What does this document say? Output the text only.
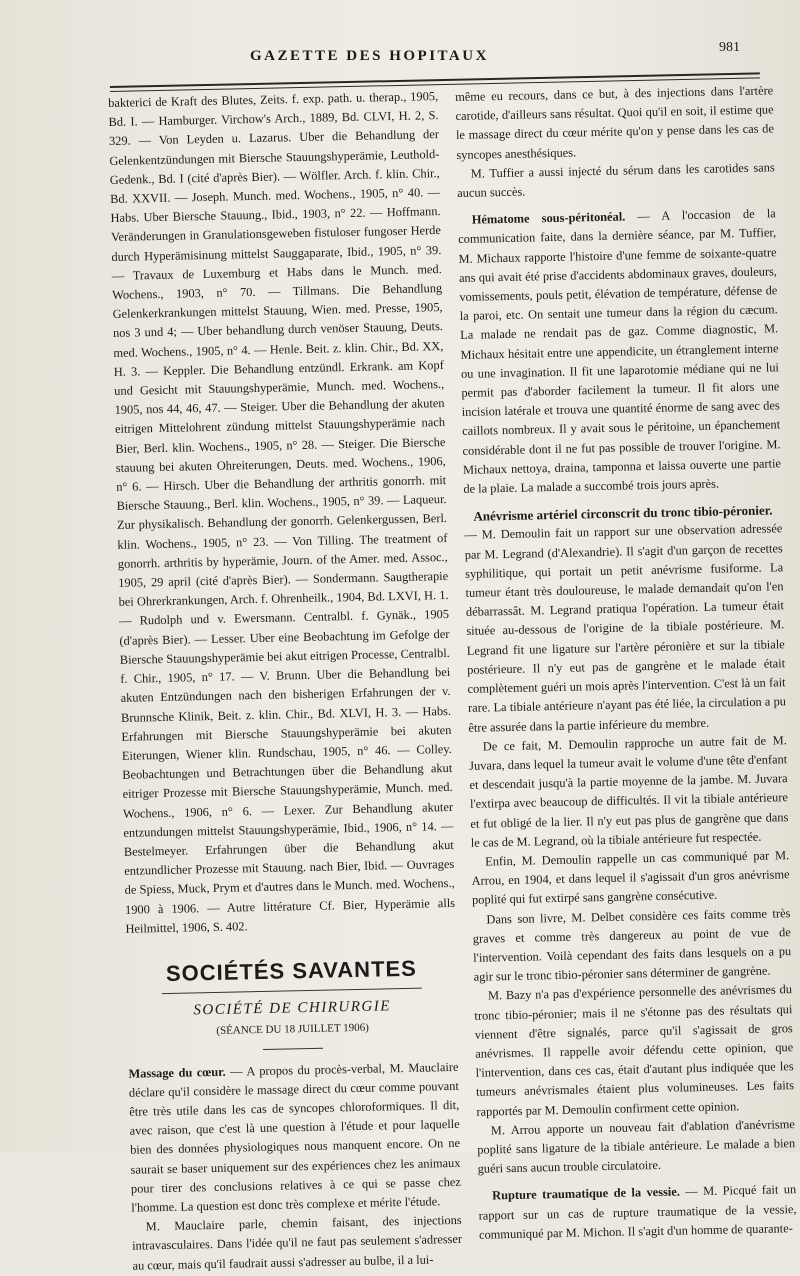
GAZETTE DES HOPITAUX
981

bakterici de Kraft des Blutes, Zeits. f. exp. path. u. therap., 1905, Bd. I. — Hamburger. Virchow's Arch., 1889, Bd. CLVI, H. 2, S. 329. — Von Leyden u. Lazarus. Uber die Behandlung der Gelenkentzündungen mit Biersche Stauungshyperämie, Leuthold-Gedenk., Bd. I (cité d'après Bier). — Wölfler. Arch. f. klin. Chir., Bd. XXVII. — Joseph. Munch. med. Wochens., 1905, n° 40. — Habs. Uber Biersche Stauung., Ibid., 1903, n° 22. — Hoffmann. Veränderungen in Granulationsgeweben fistuloser fungoser Herde durch Hyperämisinung mittelst Sauggaparate, Ibid., 1905, n° 39. — Travaux de Luxemburg et Habs dans le Munch. med. Wochens., 1903, n° 70. — Tillmans. Die Behandlung Gelenkerkrankungen mittelst Stauung, Wien. med. Presse, 1905, nos 3 und 4; — Uber behandlung durch venöser Stauung, Deuts. med. Wochens., 1905, n° 4. — Henle. Beit. z. klin. Chir., Bd. XX, H. 3. — Keppler. Die Behandlung entzündl. Erkrank. am Kopf und Gesicht mit Stauungshyperämie, Munch. med. Wochens., 1905, nos 44, 46, 47. — Steiger. Uber die Behandlung der akuten eitrigen Mittelohrent zündung mittelst Stauungshyperämie nach Bier, Berl. klin. Wochens., 1905, n° 28. — Steiger. Die Biersche stauung bei akuten Ohreiterungen, Deuts. med. Wochens., 1906, n° 6. — Hirsch. Uber die Behandlung der arthritis gonorrh. mit Biersche Stauung., Berl. klin. Wochens., 1905, n° 39. — Laqueur. Zur physikalisch. Behandlung der gonorrh. Gelenkergussen, Berl. klin. Wochens., 1905, n° 23. — Von Tilling. The treatment of gonorrh. arthritis by hyperämie, Journ. of the Amer. med. Assoc., 1905, 29 april (cité d'après Bier). — Sondermann. Saugtherapie bei Ohrerkrankungen, Arch. f. Ohrenheilk., 1904, Bd. LXVI, H. 1. — Rudolph und v. Ewersmann. Centralbl. f. Gynäk., 1905 (d'après Bier). — Lesser. Uber eine Beobachtung im Gefolge der Biersche Stauungshyperämie bei akut eitrigen Processe, Centralbl. f. Chir., 1905, n° 17. — V. Brunn. Uber die Behandlung bei akuten Entzündungen nach den bisherigen Erfahrungen der v. Brunnsche Klinik, Beit. z. klin. Chir., Bd. XLVI, H. 3. — Habs. Erfahrungen mit Biersche Stauungshyperämie bei akuten Eiterungen, Wiener klin. Rundschau, 1905, n° 46. — Colley. Beobachtungen und Betrachtungen über die Behandlung akut eitriger Prozesse mit Biersche Stauungshyperämie, Munch. med. Wochens., 1906, n° 6. — Lexer. Zur Behandlung akuter entzundungen mittelst Stauungshyperämie, Ibid., 1906, n° 14. — Bestelmeyer. Erfahrungen über die Behandlung akut entzundlicher Prozesse mit Stauung. nach Bier, Ibid. — Ouvrages de Spiess, Muck, Prym et d'autres dans le Munch. med. Wochens., 1900 à 1906. — Autre littérature Cf. Bier, Hyperämie alls Heilmittel, 1906, S. 402.

SOCIÉTÉS SAVANTES
SOCIÉTÉ DE CHIRURGIE
(SÉANCE DU 18 JUILLET 1906)

Massage du cœur. — A propos du procès-verbal, M. Mauclaire déclare qu'il considère le massage direct du cœur comme pouvant être très utile dans les cas de syncopes chloroformiques. Il dit, avec raison, que c'est là une question à l'étude et pour laquelle bien des données physiologiques nous manquent encore. On ne saurait se baser uniquement sur des expériences chez les animaux pour tirer des conclusions relatives à ce qui se passe chez l'homme. La question est donc très complexe et mérite l'étude.

M. Mauclaire parle, chemin faisant, des injections intravasculaires. Dans l'idée qu'il ne faut pas seulement s'adresser au cœur, mais qu'il faudrait aussi s'adresser au bulbe, il a lui-

même eu recours, dans ce but, à des injections dans l'artère carotide, d'ailleurs sans résultat. Quoi qu'il en soit, il estime que le massage direct du cœur mérite qu'on y pense dans les cas de syncopes anesthésiques.

M. Tuffier a aussi injecté du sérum dans les carotides sans aucun succès.

Hématome sous-péritonéal. — A l'occasion de la communication faite, dans la dernière séance, par M. Tuffier, M. Michaux rapporte l'histoire d'une femme de soixante-quatre ans qui avait été prise d'accidents abdominaux graves, douleurs, vomissements, pouls petit, élévation de température, défense de la paroi, etc. On sentait une tumeur dans la région du cæcum. La malade ne rendait pas de gaz. Comme diagnostic, M. Michaux hésitait entre une appendicite, un étranglement interne ou une invagination. Il fit une laparotomie médiane qui ne lui permit pas d'aborder facilement la tumeur. Il fit alors une incision latérale et trouva une quantité énorme de sang avec des caillots nombreux. Il y avait sous le péritoine, un épanchement considérable dont il ne fut pas possible de trouver l'origine. M. Michaux nettoya, draina, tamponna et laissa ouverte une partie de la plaie. La malade a succombé trois jours après.

Anévrisme artériel circonscrit du tronc tibio-péronier.

— M. Demoulin fait un rapport sur une observation adressée par M. Legrand (d'Alexandrie). Il s'agit d'un garçon de recettes syphilitique, qui portait un petit anévrisme fusiforme. La tumeur étant très douloureuse, le malade demandait qu'on l'en débarrassât. M. Legrand pratiqua l'opération. La tumeur était située au-dessous de l'origine de la tibiale postérieure. M. Legrand fit une ligature sur l'artère péronière et sur la tibiale postérieure. Il n'y eut pas de gangrène et le malade était complètement guéri un mois après l'intervention. C'est là un fait rare. La tibiale antérieure n'ayant pas été liée, la circulation a pu être assurée dans la partie inférieure du membre.

De ce fait, M. Demoulin rapproche un autre fait de M. Juvara, dans lequel la tumeur avait le volume d'une tête d'enfant et descendait jusqu'à la partie moyenne de la jambe. M. Juvara l'extirpa avec beaucoup de difficultés. Il vit la tibiale antérieure et fut obligé de la lier. Il n'y eut pas plus de gangrène que dans le cas de M. Legrand, où la tibiale antérieure fut respectée.

Enfin, M. Demoulin rappelle un cas communiqué par M. Arrou, en 1904, et dans lequel il s'agissait d'un gros anévrisme poplité qui fut extirpé sans gangrène consécutive.

Dans son livre, M. Delbet considère ces faits comme très graves et comme très dangereux au point de vue de l'intervention. Voilà cependant des faits dans lesquels on a pu agir sur le tronc tibio-péronier sans déterminer de gangrène.

M. Bazy n'a pas d'expérience personnelle des anévrismes du tronc tibio-péronier; mais il ne s'étonne pas des résultats qui viennent d'être signalés, parce qu'il s'agissait de gros anévrismes. Il rappelle avoir défendu cette opinion, que l'intervention, dans ces cas, était d'autant plus indiquée que les tumeurs anévrismales étaient plus volumineuses. Les faits rapportés par M. Demoulin confirment cette opinion.

M. Arrou apporte un nouveau fait d'ablation d'anévrisme poplité sans ligature de la tibiale antérieure. Le malade a bien guéri sans aucun trouble circulatoire.

Rupture traumatique de la vessie. — M. Picqué fait un rapport sur un cas de rupture traumatique de la vessie, communiqué par M. Michon. Il s'agit d'un homme de quarante-
